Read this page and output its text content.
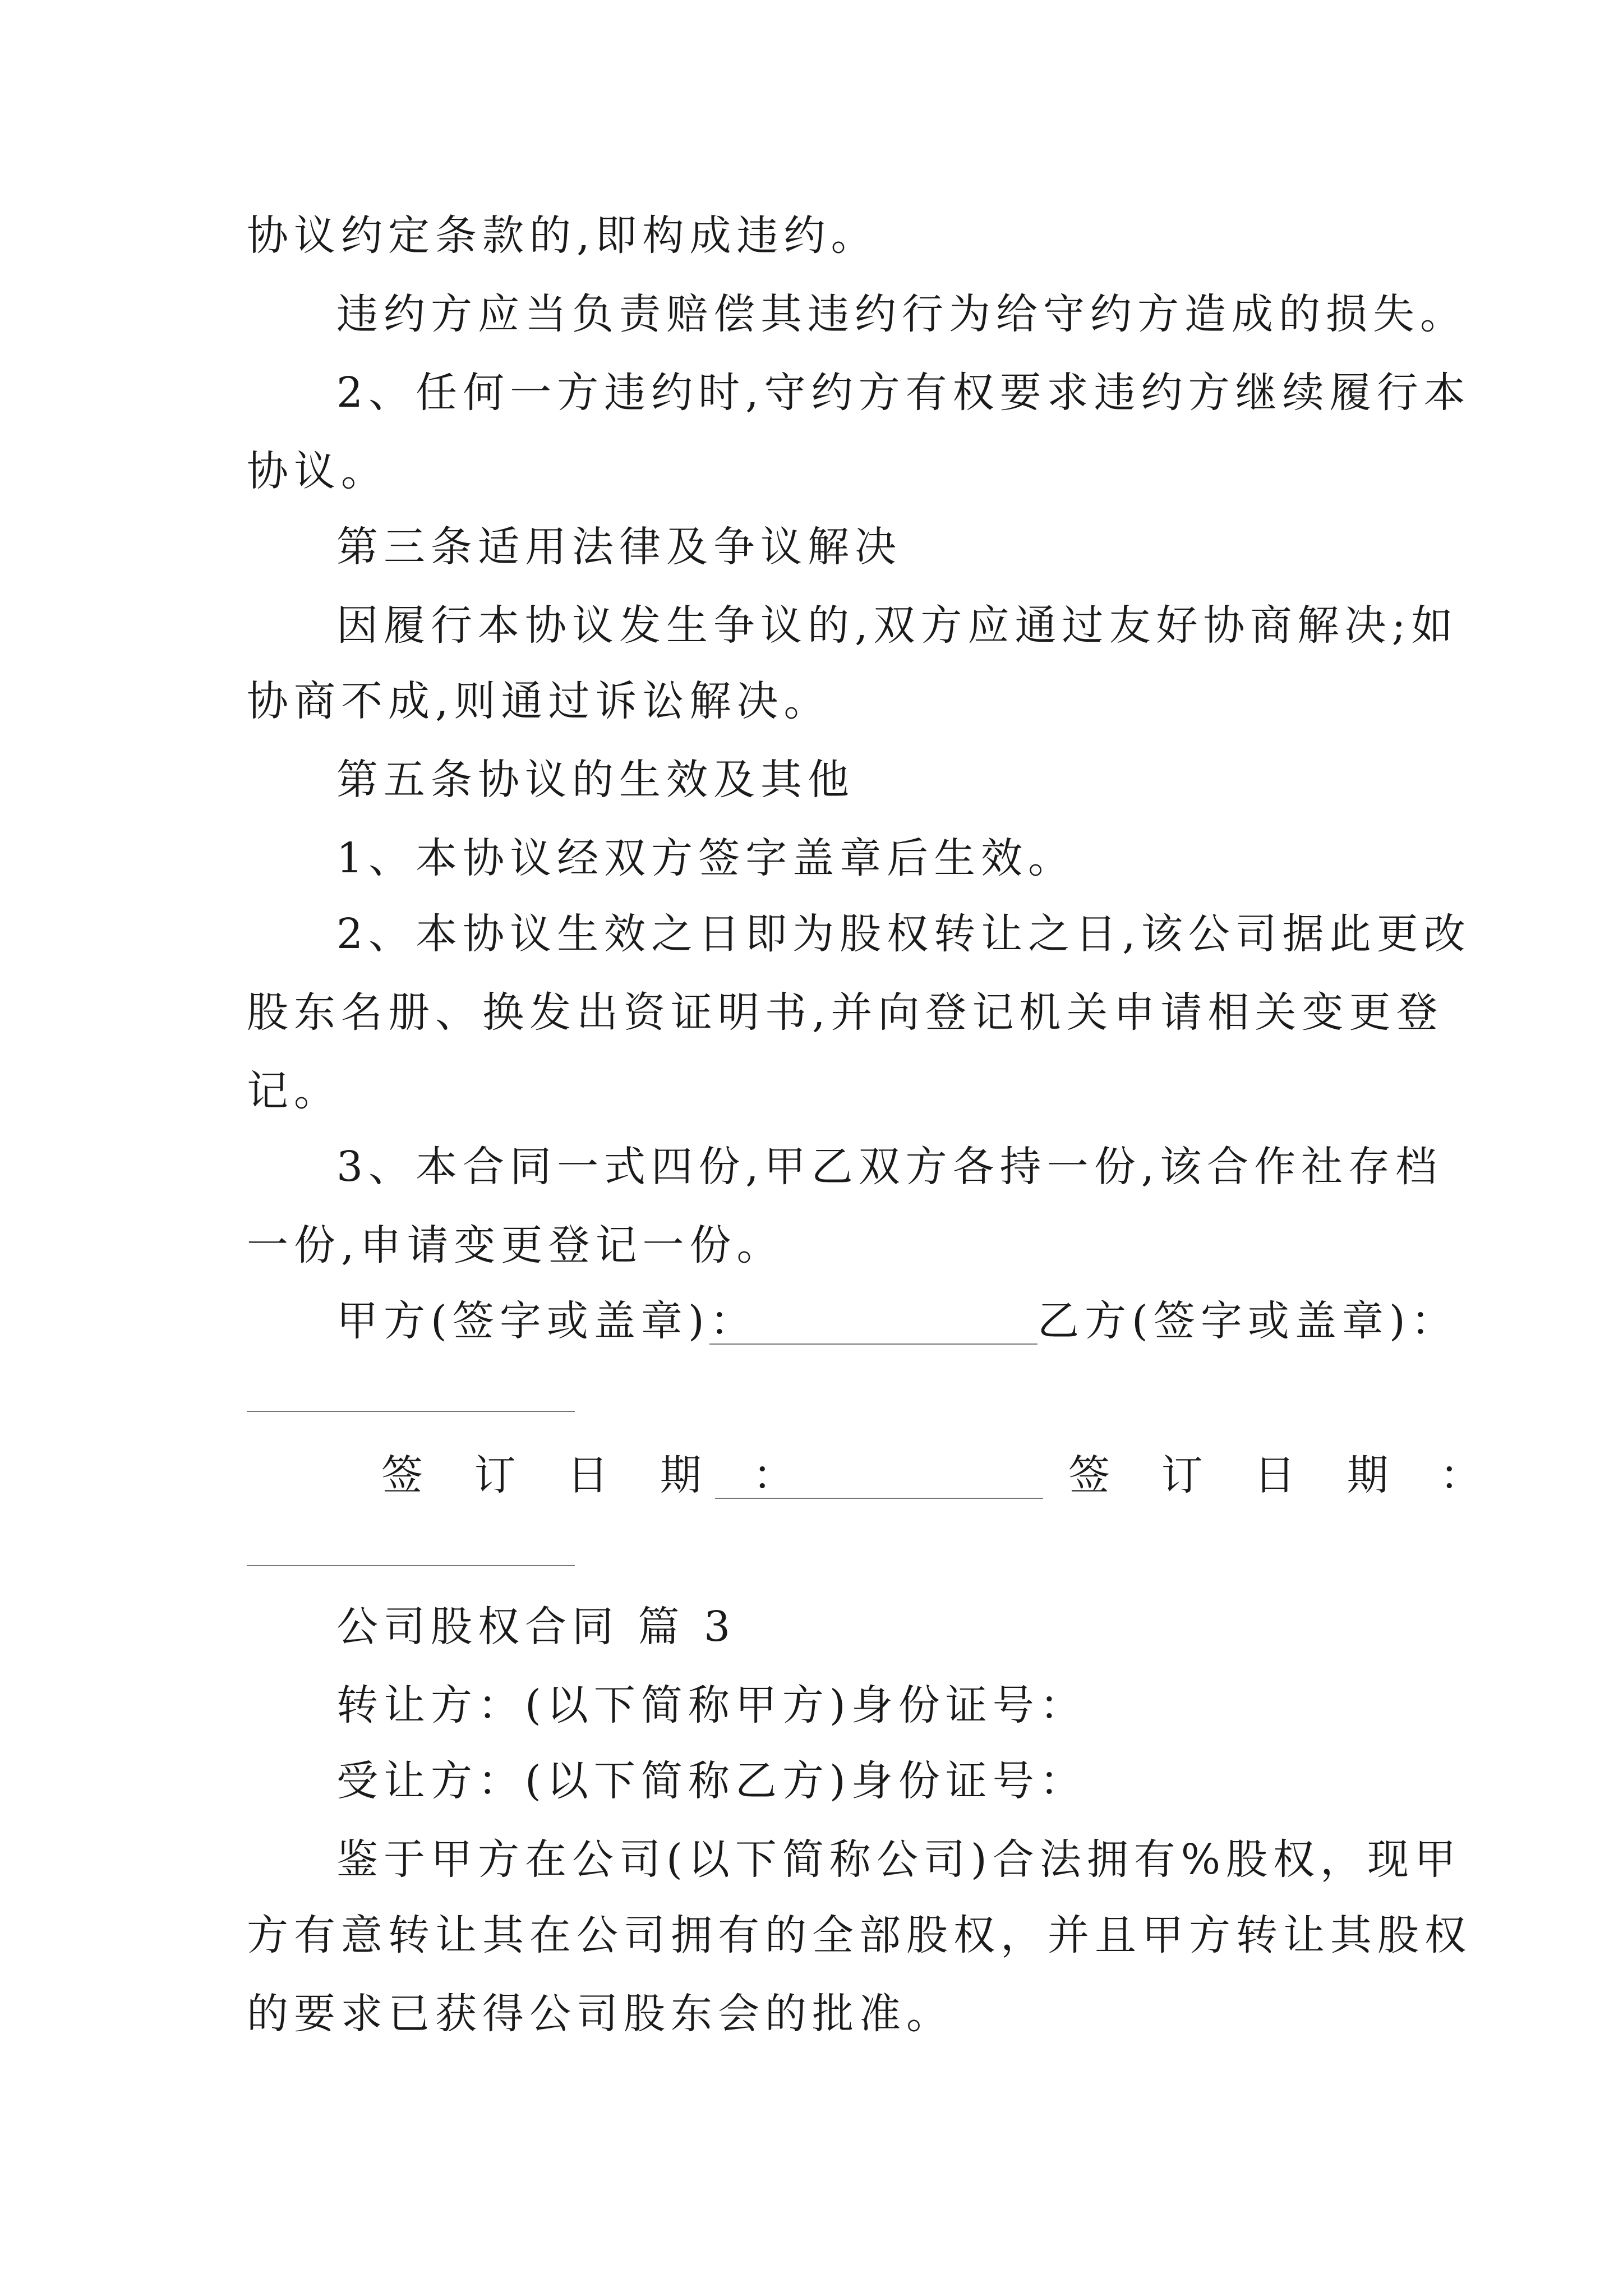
协议约定条款的,即构成违约。
违约方应当负责赔偿其违约行为给守约方造成的损失。
2、任何一方违约时,守约方有权要求违约方继续履行本
协议。
第三条适用法律及争议解决
因履行本协议发生争议的,双方应通过友好协商解决;如
协商不成,则通过诉讼解决。
第五条协议的生效及其他
1、本协议经双方签字盖章后生效。
2、本协议生效之日即为股权转让之日,该公司据此更改
股东名册、换发出资证明书,并向登记机关申请相关变更登
记。
3、本合同一式四份,甲乙双方各持一份,该合作社存档
一份,申请变更登记一份。
甲方(签字或盖章)：	乙方(签字或盖章)：
签 订 日 期 ：	签 订 日 期 ：
公司股权合同 篇 3
转让方：(以下简称甲方)身份证号：
受让方：(以下简称乙方)身份证号：
鉴于甲方在公司(以下简称公司)合法拥有%股权，现甲
方有意转让其在公司拥有的全部股权，并且甲方转让其股权
的要求已获得公司股东会的批准。
